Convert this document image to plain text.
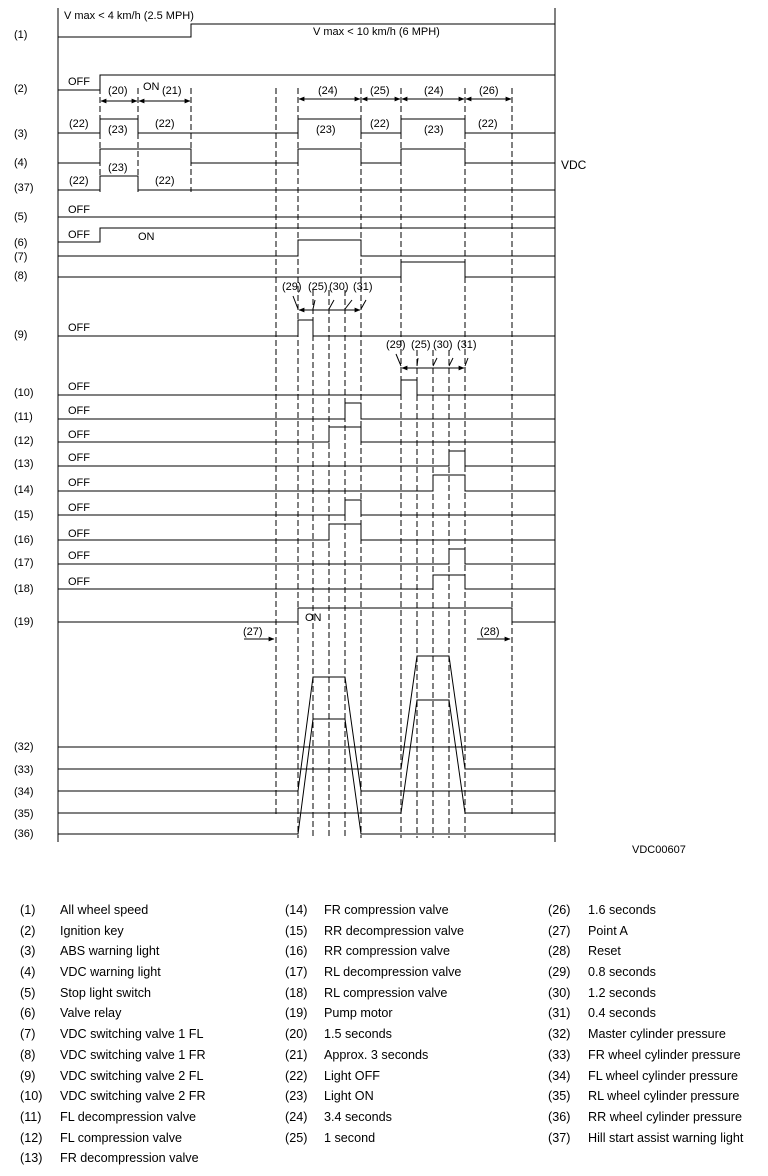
OFF	ON
(20)	(21)	(24)	(25)	(24)	(26)
(22) (23) (22)	(23)	(22)	(23)	(22)
(23)
(22)	(22)
OFF
OFF	ON
(29) (25) (30) (31)
(29) (25) (30) (31)
OFF
OFF
OFF
OFF
OFF
OFF
OFF
OFF
OFF
OFF
ON
(27)	(28)
(1)
(2)
(3)
(4)
(37)
(5)
(6)
(7)
(8)
(9)
(10)
(11)
(12)
(13)
(14)
(15)
(16)
(17)
(18)
(19)
(32)
(33)
(34)
(35)
(36)
V max < 4 km/h (2.5 MPH)
V max < 10 km/h (6 MPH)
VDC
VDC00607
(1) All wheel speed
(2) Ignition key
(3) ABS warning light
(4) VDC warning light
(5) Stop light switch
(6) Valve relay
(7) VDC switching valve 1 FL
(8) VDC switching valve 1 FR
(9) VDC switching valve 2 FL
(10) VDC switching valve 2 FR
(11) FL decompression valve
(12) FL compression valve
(13) FR decompression valve
(14) FR compression valve
(15) RR decompression valve
(16) RR compression valve
(17) RL decompression valve
(18) RL compression valve
(19) Pump motor
(20) 1.5 seconds
(21) Approx. 3 seconds
(22) Light OFF
(23) Light ON
(24) 3.4 seconds
(25) 1 second
(26) 1.6 seconds
(27) Point A
(28) Reset
(29) 0.8 seconds
(30) 1.2 seconds
(31) 0.4 seconds
(32) Master cylinder pressure
(33) FR wheel cylinder pressure
(34) FL wheel cylinder pressure
(35) RL wheel cylinder pressure
(36) RR wheel cylinder pressure
(37) Hill start assist warning light
